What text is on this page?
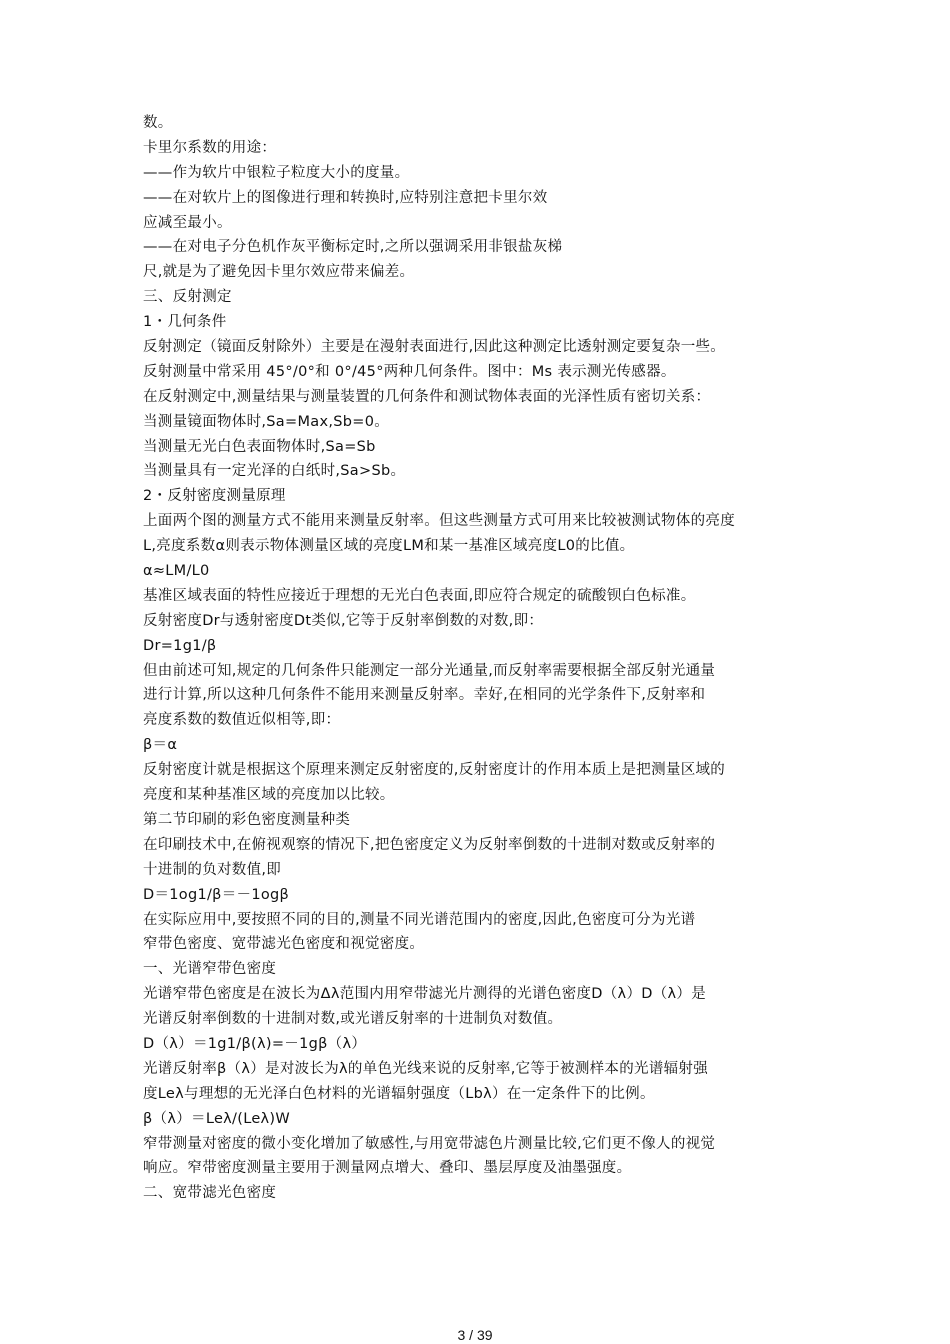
数。
卡里尔系数的用途：
——作为软片中银粒子粒度大小的度量。
——在对软片上的图像进行理和转换时,应特别注意把卡里尔效
应减至最小。
——在对电子分色机作灰平衡标定时,之所以强调采用非银盐灰梯
尺,就是为了避免因卡里尔效应带来偏差。
三、反射测定
1・几何条件
反射测定（镜面反射除外）主要是在漫射表面进行,因此这种测定比透射测定要复杂一些。
反射测量中常采用 45°/0°和 0°/45°两种几何条件。图中：Ms 表示测光传感器。
在反射测定中,测量结果与测量装置的几何条件和测试物体表面的光泽性质有密切关系：
当测量镜面物体时,Sa=Max,Sb=0。
当测量无光白色表面物体时,Sa=Sb
当测量具有一定光泽的白纸时,Sa>Sb。
2・反射密度测量原理
上面两个图的测量方式不能用来测量反射率。但这些测量方式可用来比较被测试物体的亮度
L,亮度系数α则表示物体测量区域的亮度LM和某一基准区域亮度L0的比值。
α≈LM/L0
基准区域表面的特性应接近于理想的无光白色表面,即应符合规定的硫酸钡白色标准。
反射密度Dr与透射密度Dt类似,它等于反射率倒数的对数,即：
Dr=1g1/β
但由前述可知,规定的几何条件只能测定一部分光通量,而反射率需要根据全部反射光通量
进行计算,所以这种几何条件不能用来测量反射率。幸好,在相同的光学条件下,反射率和
亮度系数的数值近似相等,即：
β＝α
反射密度计就是根据这个原理来测定反射密度的,反射密度计的作用本质上是把测量区域的
亮度和某种基准区域的亮度加以比较。
第二节印刷的彩色密度测量种类
在印刷技术中,在俯视观察的情况下,把色密度定义为反射率倒数的十进制对数或反射率的
十进制的负对数值,即
D＝1og1/β＝－1ogβ
在实际应用中,要按照不同的目的,测量不同光谱范围内的密度,因此,色密度可分为光谱
窄带色密度、宽带滤光色密度和视觉密度。
一、光谱窄带色密度
光谱窄带色密度是在波长为Δλ范围内用窄带滤光片测得的光谱色密度D（λ）D（λ）是
光谱反射率倒数的十进制对数,或光谱反射率的十进制负对数值。
D（λ）＝1g1/β(λ)=－1gβ（λ）
光谱反射率β（λ）是对波长为λ的单色光线来说的反射率,它等于被测样本的光谱辐射强
度Leλ与理想的无光泽白色材料的光谱辐射强度（Lbλ）在一定条件下的比例。
β（λ）＝Leλ/(Leλ)W
窄带测量对密度的微小变化增加了敏感性,与用宽带滤色片测量比较,它们更不像人的视觉
响应。窄带密度测量主要用于测量网点增大、叠印、墨层厚度及油墨强度。
二、宽带滤光色密度
3 / 39
